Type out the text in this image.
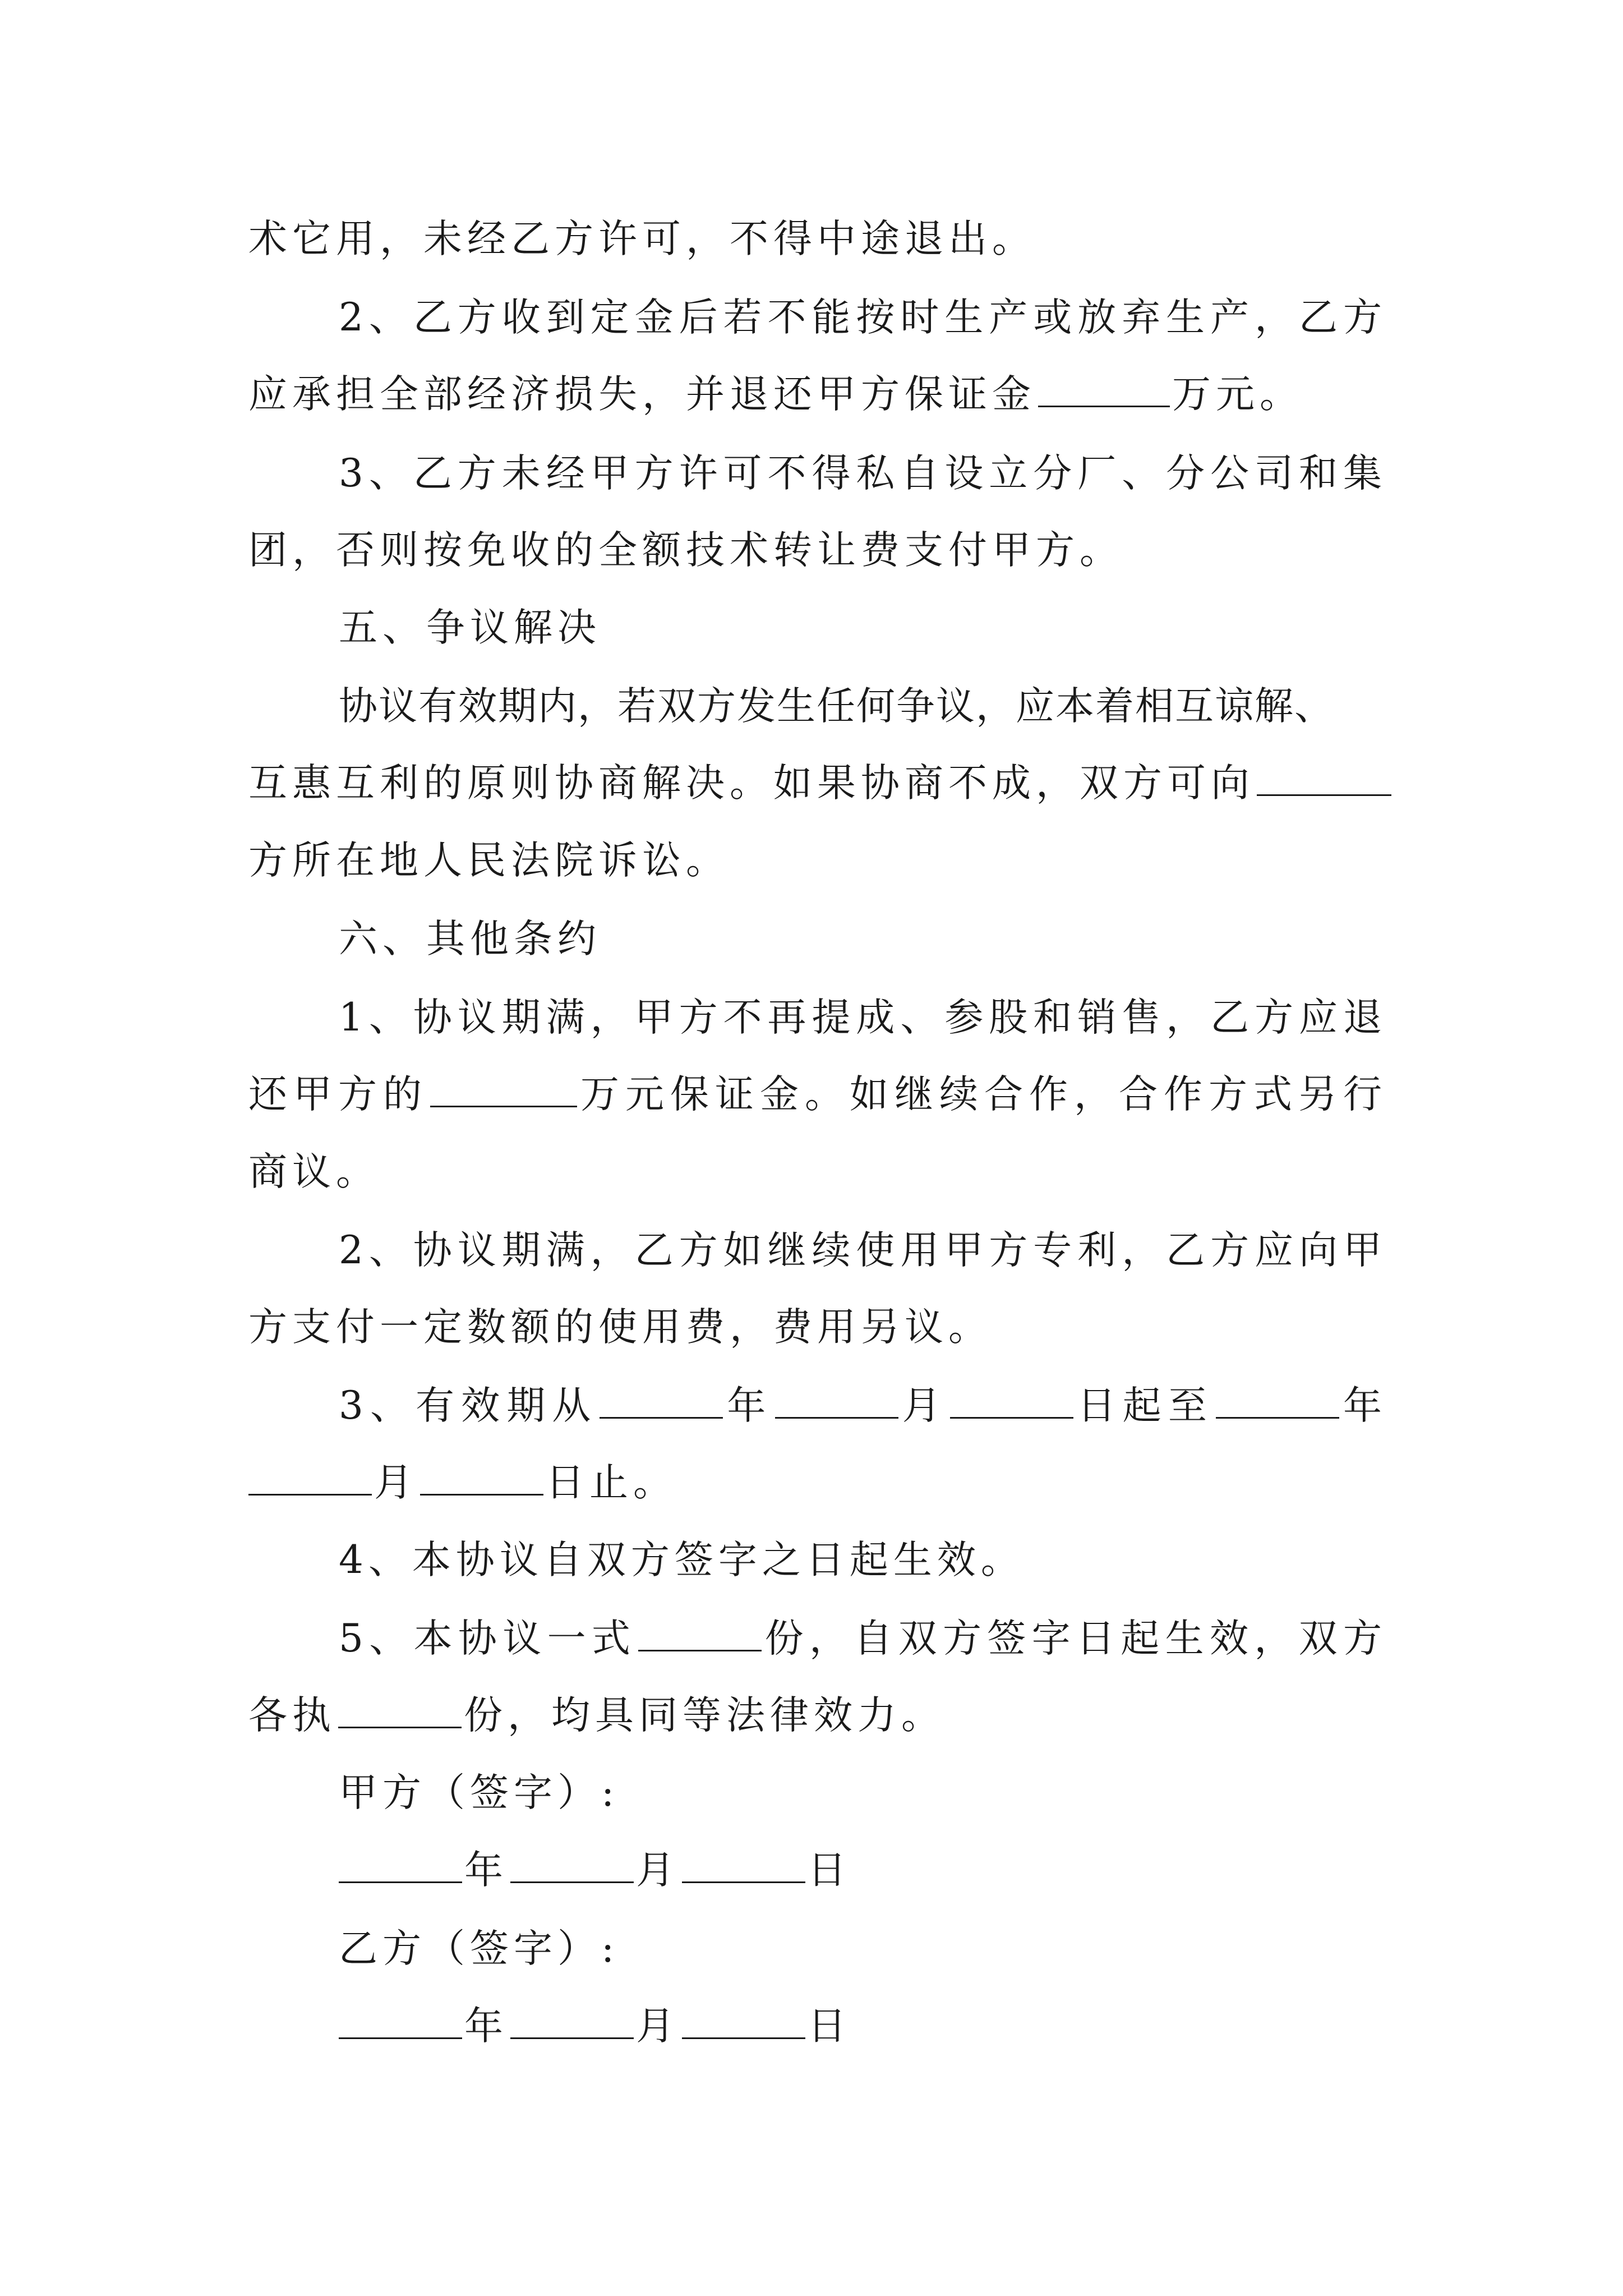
术它用，未经乙方许可，不得中途退出。
2、乙方收到定金后若不能按时生产或放弃生产，乙方
应承担全部经济损失，并退还甲方保证金	万元。
3、乙方未经甲方许可不得私自设立分厂、分公司和集
团，否则按免收的全额技术转让费支付甲方。
五、争议解决
协议有效期内，若双方发生任何争议，应本着相互谅解、
互惠互利的原则协商解决。如果协商不成，双方可向
方所在地人民法院诉讼。
六、其他条约
1、协议期满，甲方不再提成、参股和销售，乙方应退
还甲方的	万元保证金。如继续合作，合作方式另行
商议。
2、协议期满，乙方如继续使用甲方专利，乙方应向甲
方支付一定数额的使用费，费用另议。
3、有效期从	年	月	日起至	年
月	日止。
4、本协议自双方签字之日起生效。
5、本协议一式	份，自双方签字日起生效，双方
各执	份，均具同等法律效力。
甲方（签字）:
年	月	日
乙方（签字）:
年	月	日
